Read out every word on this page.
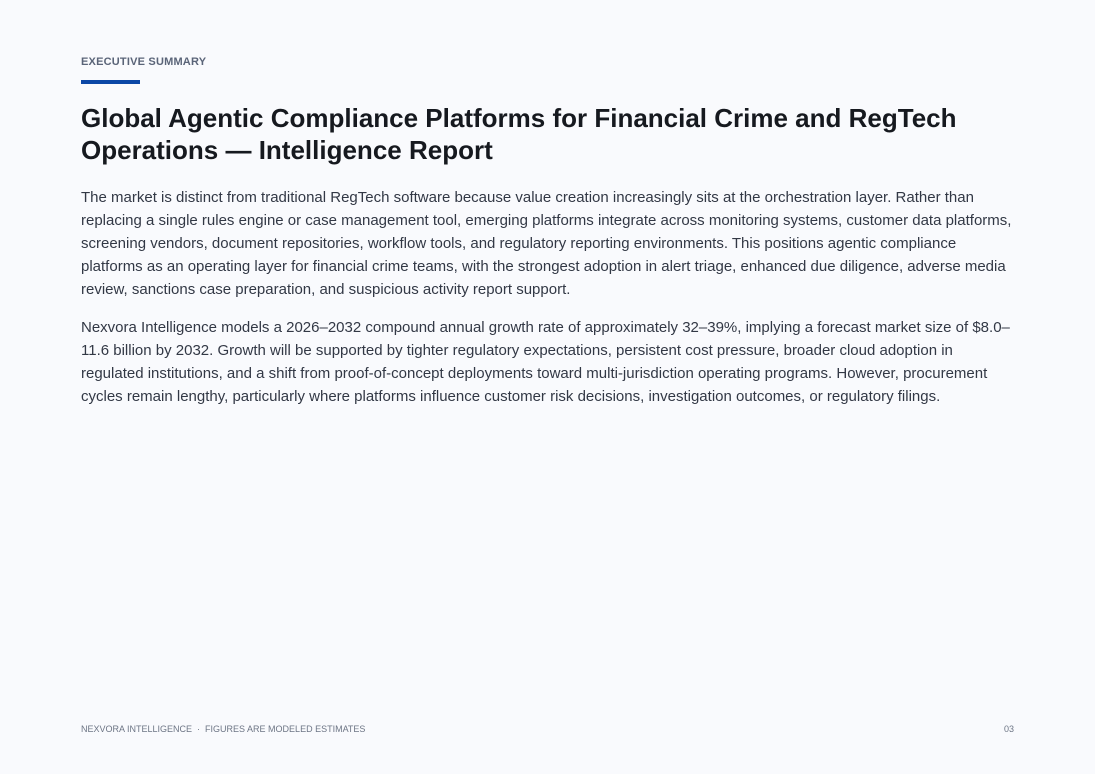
EXECUTIVE SUMMARY
Global Agentic Compliance Platforms for Financial Crime and RegTech Operations — Intelligence Report

The market is distinct from traditional RegTech software because value creation increasingly sits at the orchestration layer. Rather than replacing a single rules engine or case management tool, emerging platforms integrate across monitoring systems, customer data platforms, screening vendors, document repositories, workflow tools, and regulatory reporting environments. This positions agentic compliance platforms as an operating layer for financial crime teams, with the strongest adoption in alert triage, enhanced due diligence, adverse media review, sanctions case preparation, and suspicious activity report support.

Nexvora Intelligence models a 2026–2032 compound annual growth rate of approximately 32–39%, implying a forecast market size of $8.0–11.6 billion by 2032. Growth will be supported by tighter regulatory expectations, persistent cost pressure, broader cloud adoption in regulated institutions, and a shift from proof-of-concept deployments toward multi-jurisdiction operating programs. However, procurement cycles remain lengthy, particularly where platforms influence customer risk decisions, investigation outcomes, or regulatory filings.

NEXVORA INTELLIGENCE · FIGURES ARE MODELED ESTIMATES	03
